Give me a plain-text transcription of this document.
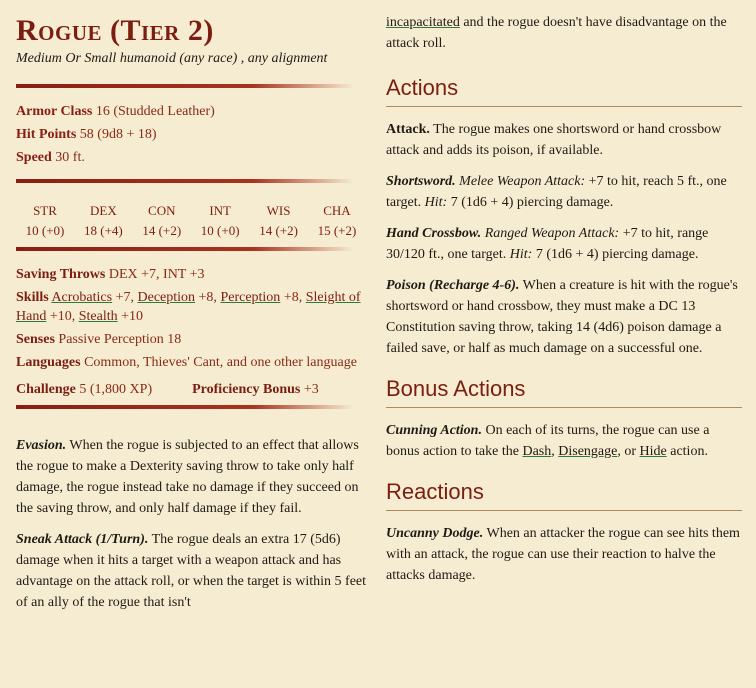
Rogue (Tier 2)
Medium Or Small humanoid (any race) , any alignment
Armor Class 16 (Studded Leather)
Hit Points 58 (9d8 + 18)
Speed 30 ft.
STR
10 (+0)
DEX
18 (+4)
CON
14 (+2)
INT
10 (+0)
WIS
14 (+2)
CHA
15 (+2)
Saving Throws DEX +7, INT +3
Skills Acrobatics +7, Deception +8, Perception +8, Sleight of Hand +10, Stealth +10
Senses Passive Perception 18
Languages Common, Thieves' Cant, and one other language
Challenge 5 (1,800 XP)	Proficiency Bonus +3
Evasion. When the rogue is subjected to an effect that allows the rogue to make a Dexterity saving throw to take only half damage, the rogue instead take no damage if they succeed on the saving throw, and only half damage if they fail.
Sneak Attack (1/Turn). The rogue deals an extra 17 (5d6) damage when it hits a target with a weapon attack and has advantage on the attack roll, or when the target is within 5 feet of an ally of the rogue that isn't
incapacitated and the rogue doesn't have disadvantage on the attack roll.
Actions
Attack. The rogue makes one shortsword or hand crossbow attack and adds its poison, if available.
Shortsword. Melee Weapon Attack: +7 to hit, reach 5 ft., one target. Hit: 7 (1d6 + 4) piercing damage.
Hand Crossbow. Ranged Weapon Attack: +7 to hit, range 30/120 ft., one target. Hit: 7 (1d6 + 4) piercing damage.
Poison (Recharge 4-6). When a creature is hit with the rogue's shortsword or hand crossbow, they must make a DC 13 Constitution saving throw, taking 14 (4d6) poison damage a failed save, or half as much damage on a successful one.
Bonus Actions
Cunning Action. On each of its turns, the rogue can use a bonus action to take the Dash, Disengage, or Hide action.
Reactions
Uncanny Dodge. When an attacker the rogue can see hits them with an attack, the rogue can use their reaction to halve the attacks damage.
